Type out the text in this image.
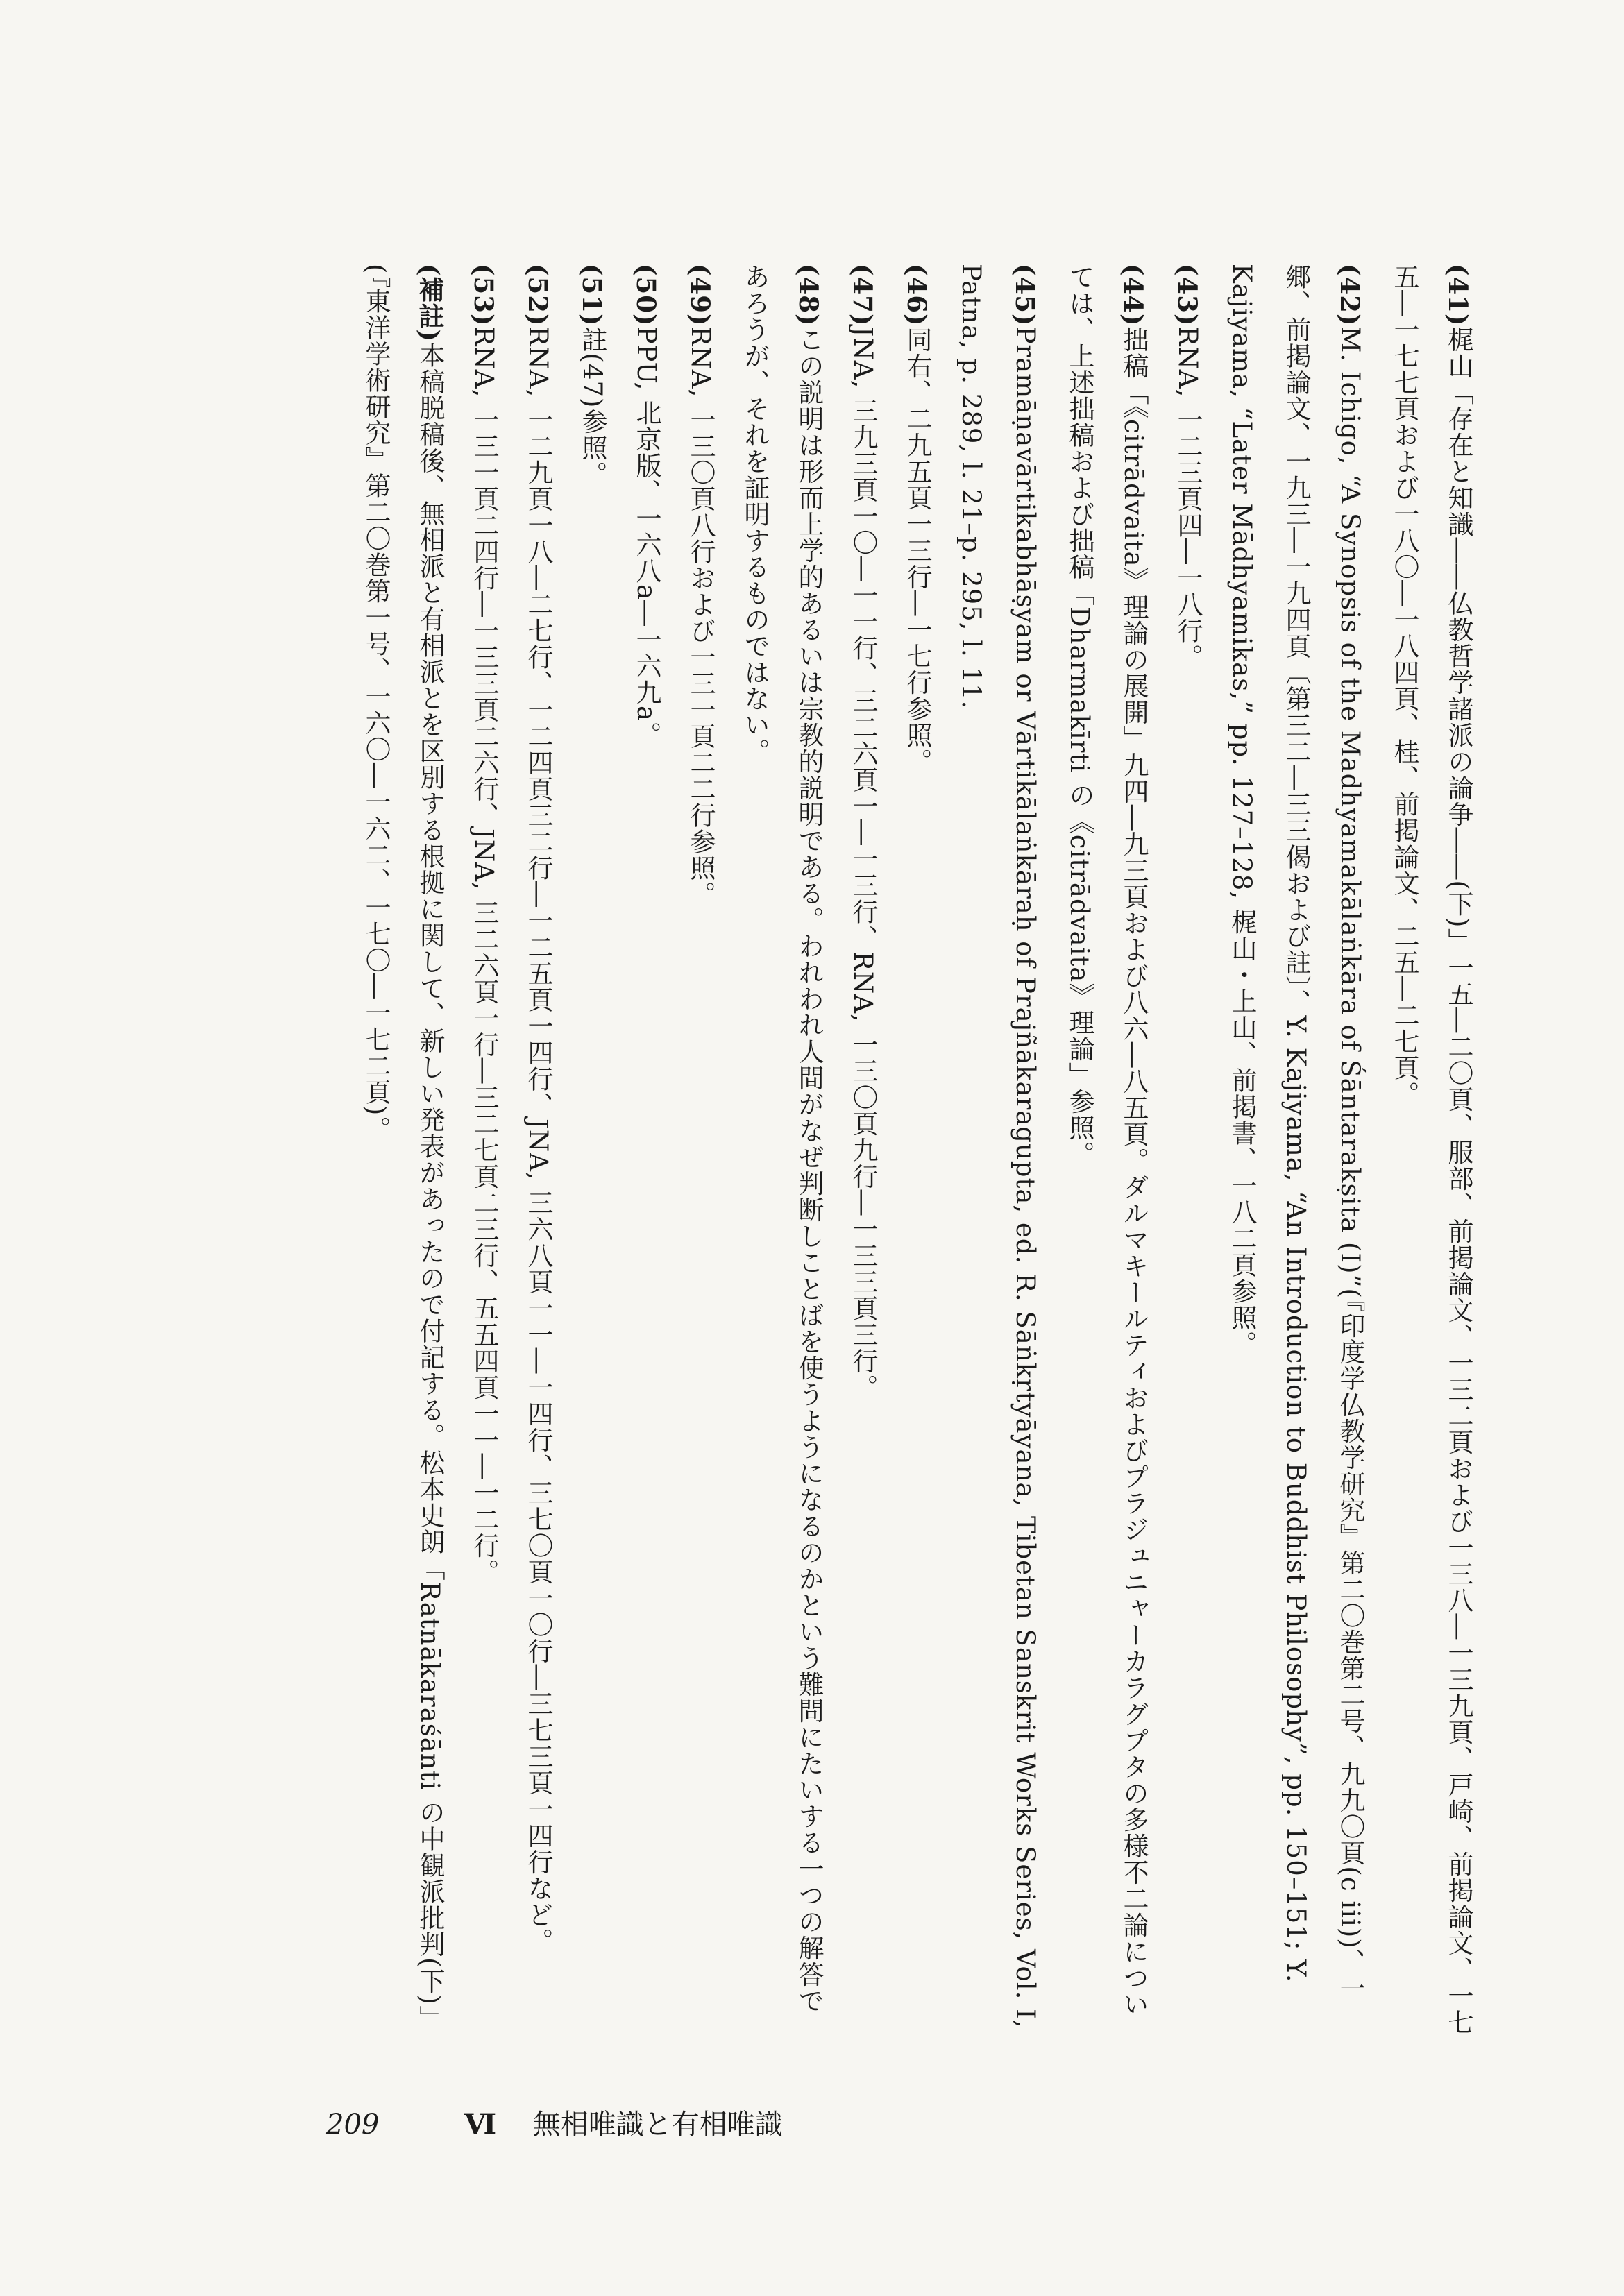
(41)梶山「存在と知識――仏教哲学諸派の論争――(下)」一五―二〇頁、服部、前掲論文、一三二頁および一三八―一三九頁、戸崎、前掲論文、一七五―一七七頁および一八〇―一八四頁、桂、前掲論文、二五―二七頁。

(42)M. Ichigo, “A Synopsis of the Madhyamakālaṅkāra of Śāntarakṣita (I)”(『印度学仏教学研究』第二〇巻第二号、九九〇頁(c iii))、一郷、前掲論文、一九三―一九四頁〔第三二―三三偈および註〕、Y. Kajiyama, “An Introduction to Buddhist Philosophy”, pp. 150–151; Y. Kajiyama, “Later Mādhyamikas,” pp. 127–128, 梶山・上山、前掲書、一八二頁参照。

(43)RNA, 一二三頁四―一八行。

(44)拙稿「《citrādvaita》理論の展開」九四―九三頁および八六―八五頁。ダルマキールティおよびプラジュニャーカラグプタの多様不二論については、上述拙稿および拙稿「Dharmakīrti の《citrādvaita》理論」参照。

(45)Pramāṇavārtikabhāṣyam or Vārtikālaṅkāraḥ of Prajñākaragupta, ed. R. Sāṅkṛtyāyana, Tibetan Sanskrit Works Series, Vol. I, Patna, p. 289, l. 21–p. 295, l. 11.

(46)同右、二九五頁一三行―一七行参照。

(47)JNA, 三九三頁一〇―一一行、三二六頁一―一三行、RNA, 一三〇頁九行―一三三頁三行。

(48)この説明は形而上学的あるいは宗教的説明である。われわれ人間がなぜ判断しことばを使うようになるのかという難問にたいする一つの解答であろうが、それを証明するものではない。

(49)RNA, 一三〇頁八行および一三一頁二二行参照。

(50)PPU, 北京版、一六八a―一六九a。

(51)註(47)参照。

(52)RNA, 一二九頁一八―二七行、一二四頁三二行―一二五頁一四行、JNA, 三六八頁一一―一四行、三七〇頁一〇行―三七三頁一四行など。

(53)RNA, 一三一頁二四行―一三三頁二六行、JNA, 三二六頁一行―三二七頁二三行、五五四頁一一―一二行。

(補註)本稿脱稿後、無相派と有相派とを区別する根拠に関して、新しい発表があったので付記する。松本史朗「Ratnākaraśānti の中観派批判(下)」(『東洋学術研究』第二〇巻第一号、一六〇―一六二、一七〇―一七二頁)。

209	Ⅵ 無相唯識と有相唯識
